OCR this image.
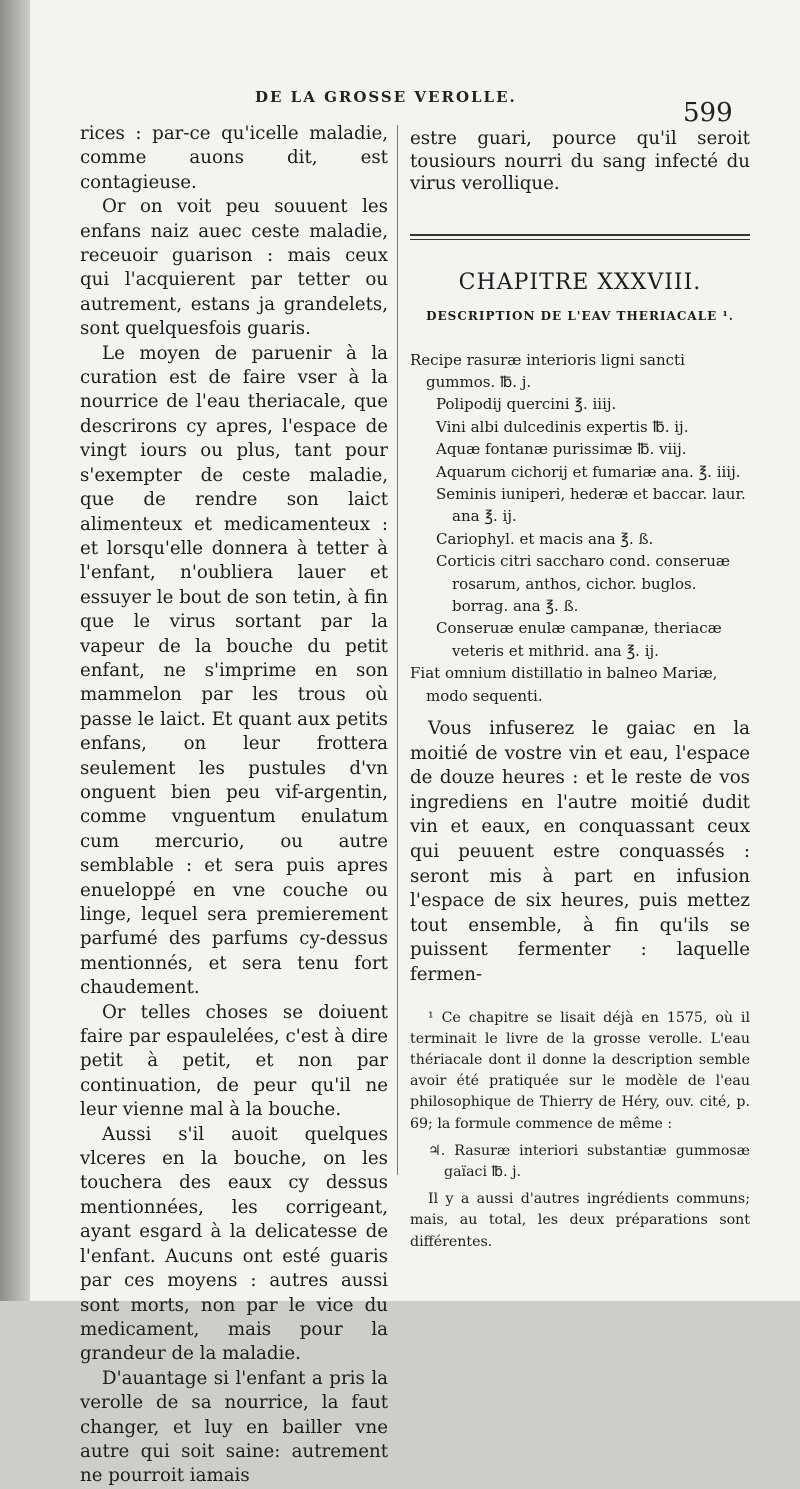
DE LA GROSSE VEROLLE.
599

rices : par-ce qu'icelle maladie, comme auons dit, est contagieuse.

Or on voit peu souuent les enfans naiz auec ceste maladie, receuoir guarison : mais ceux qui l'acquierent par tetter ou autrement, estans ja grandelets, sont quelquesfois guaris.

Le moyen de paruenir à la curation est de faire vser à la nourrice de l'eau theriacale, que descrirons cy apres, l'espace de vingt iours ou plus, tant pour s'exempter de ceste maladie, que de rendre son laict alimenteux et medicamenteux : et lorsqu'elle donnera à tetter à l'enfant, n'oubliera lauer et essuyer le bout de son tetin, à fin que le virus sortant par la vapeur de la bouche du petit enfant, ne s'imprime en son mammelon par les trous où passe le laict. Et quant aux petits enfans, on leur frottera seulement les pustules d'vn onguent bien peu vif-argentin, comme vnguentum enulatum cum mercurio, ou autre semblable : et sera puis apres enueloppé en vne couche ou linge, lequel sera premierement parfumé des parfums cy-dessus mentionnés, et sera tenu fort chaudement.

Or telles choses se doiuent faire par espaulelées, c'est à dire petit à petit, et non par continuation, de peur qu'il ne leur vienne mal à la bouche.

Aussi s'il auoit quelques vlceres en la bouche, on les touchera des eaux cy dessus mentionnées, les corrigeant, ayant esgard à la delicatesse de l'enfant. Aucuns ont esté guaris par ces moyens : autres aussi sont morts, non par le vice du medicament, mais pour la grandeur de la maladie.

D'auantage si l'enfant a pris la verolle de sa nourrice, la faut changer, et luy en bailler vne autre qui soit saine: autrement ne pourroit iamais

estre guari, pource qu'il seroit tousiours nourri du sang infecté du virus verollique.

CHAPITRE XXXVIII.
DESCRIPTION DE L'EAV THERIACALE ¹.

Recipe rasuræ interioris ligni sancti gummos. ℔. j.

Polipodij quercini ℥. iiij.

Vini albi dulcedinis expertis ℔. ij.

Aquæ fontanæ purissimæ ℔. viij.

Aquarum cichorij et fumariæ ana. ℥. iiij.

Seminis iuniperi, hederæ et baccar. laur. ana ℥. ij.

Cariophyl. et macis ana ℥. ß.

Corticis citri saccharo cond. conseruæ rosarum, anthos, cichor. buglos. borrag. ana ℥. ß.

Conseruæ enulæ campanæ, theriacæ veteris et mithrid. ana ℥. ij.

Fiat omnium distillatio in balneo Mariæ, modo sequenti.

Vous infuserez le gaiac en la moitié de vostre vin et eau, l'espace de douze heures : et le reste de vos ingrediens en l'autre moitié dudit vin et eaux, en conquassant ceux qui peuuent estre conquassés : seront mis à part en infusion l'espace de six heures, puis mettez tout ensemble, à fin qu'ils se puissent fermenter : laquelle fermen-

¹ Ce chapitre se lisait déjà en 1575, où il terminait le livre de la grosse verolle. L'eau thériacale dont il donne la description semble avoir été pratiquée sur le modèle de l'eau philosophique de Thierry de Héry, ouv. cité, p. 69; la formule commence de même :

♃. Rasuræ interiori substantiæ gummosæ gaïaci ℔. j.

Il y a aussi d'autres ingrédients communs; mais, au total, les deux préparations sont différentes.
